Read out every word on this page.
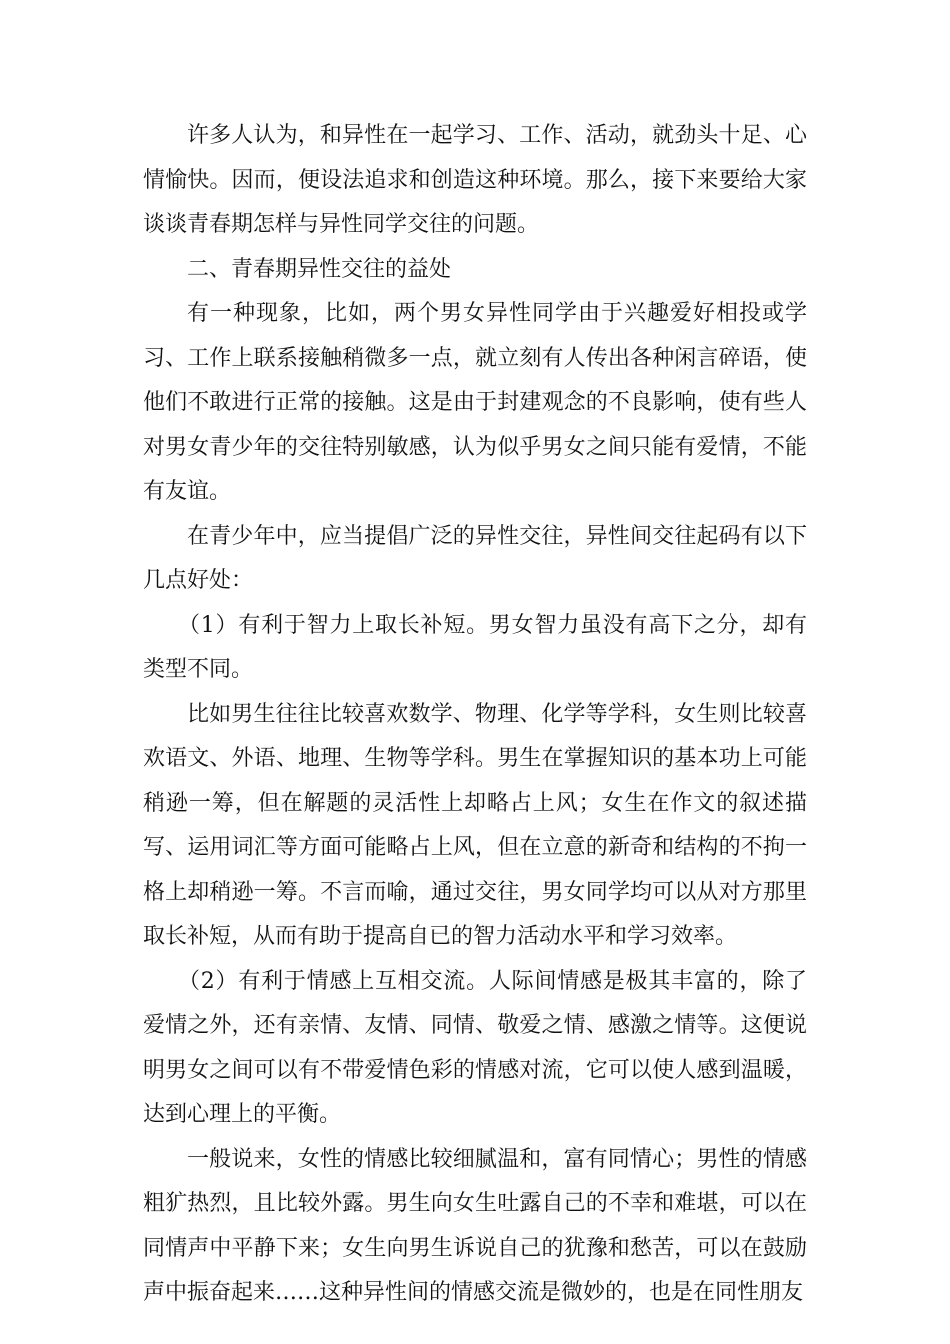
许多人认为，和异性在一起学习、工作、活动，就劲头十足、心情愉快。因而，便设法追求和创造这种环境。那么，接下来要给大家谈谈青春期怎样与异性同学交往的问题。

二、青春期异性交往的益处

有一种现象，比如，两个男女异性同学由于兴趣爱好相投或学习、工作上联系接触稍微多一点，就立刻有人传出各种闲言碎语，使他们不敢进行正常的接触。这是由于封建观念的不良影响，使有些人对男女青少年的交往特别敏感，认为似乎男女之间只能有爱情，不能有友谊。

在青少年中，应当提倡广泛的异性交往，异性间交往起码有以下几点好处：

（1）有利于智力上取长补短。男女智力虽没有高下之分，却有类型不同。

比如男生往往比较喜欢数学、物理、化学等学科，女生则比较喜欢语文、外语、地理、生物等学科。男生在掌握知识的基本功上可能稍逊一筹，但在解题的灵活性上却略占上风；女生在作文的叙述描写、运用词汇等方面可能略占上风，但在立意的新奇和结构的不拘一格上却稍逊一筹。不言而喻，通过交往，男女同学均可以从对方那里取长补短，从而有助于提高自已的智力活动水平和学习效率。

（2）有利于情感上互相交流。人际间情感是极其丰富的，除了爱情之外，还有亲情、友情、同情、敬爱之情、感激之情等。这便说明男女之间可以有不带爱情色彩的情感对流，它可以使人感到温暖，达到心理上的平衡。

一般说来，女性的情感比较细腻温和，富有同情心；男性的情感粗犷热烈，且比较外露。男生向女生吐露自己的不幸和难堪，可以在同情声中平静下来；女生向男生诉说自己的犹豫和愁苦，可以在鼓励声中振奋起来……这种异性间的情感交流是微妙的，也是在同性朋友
